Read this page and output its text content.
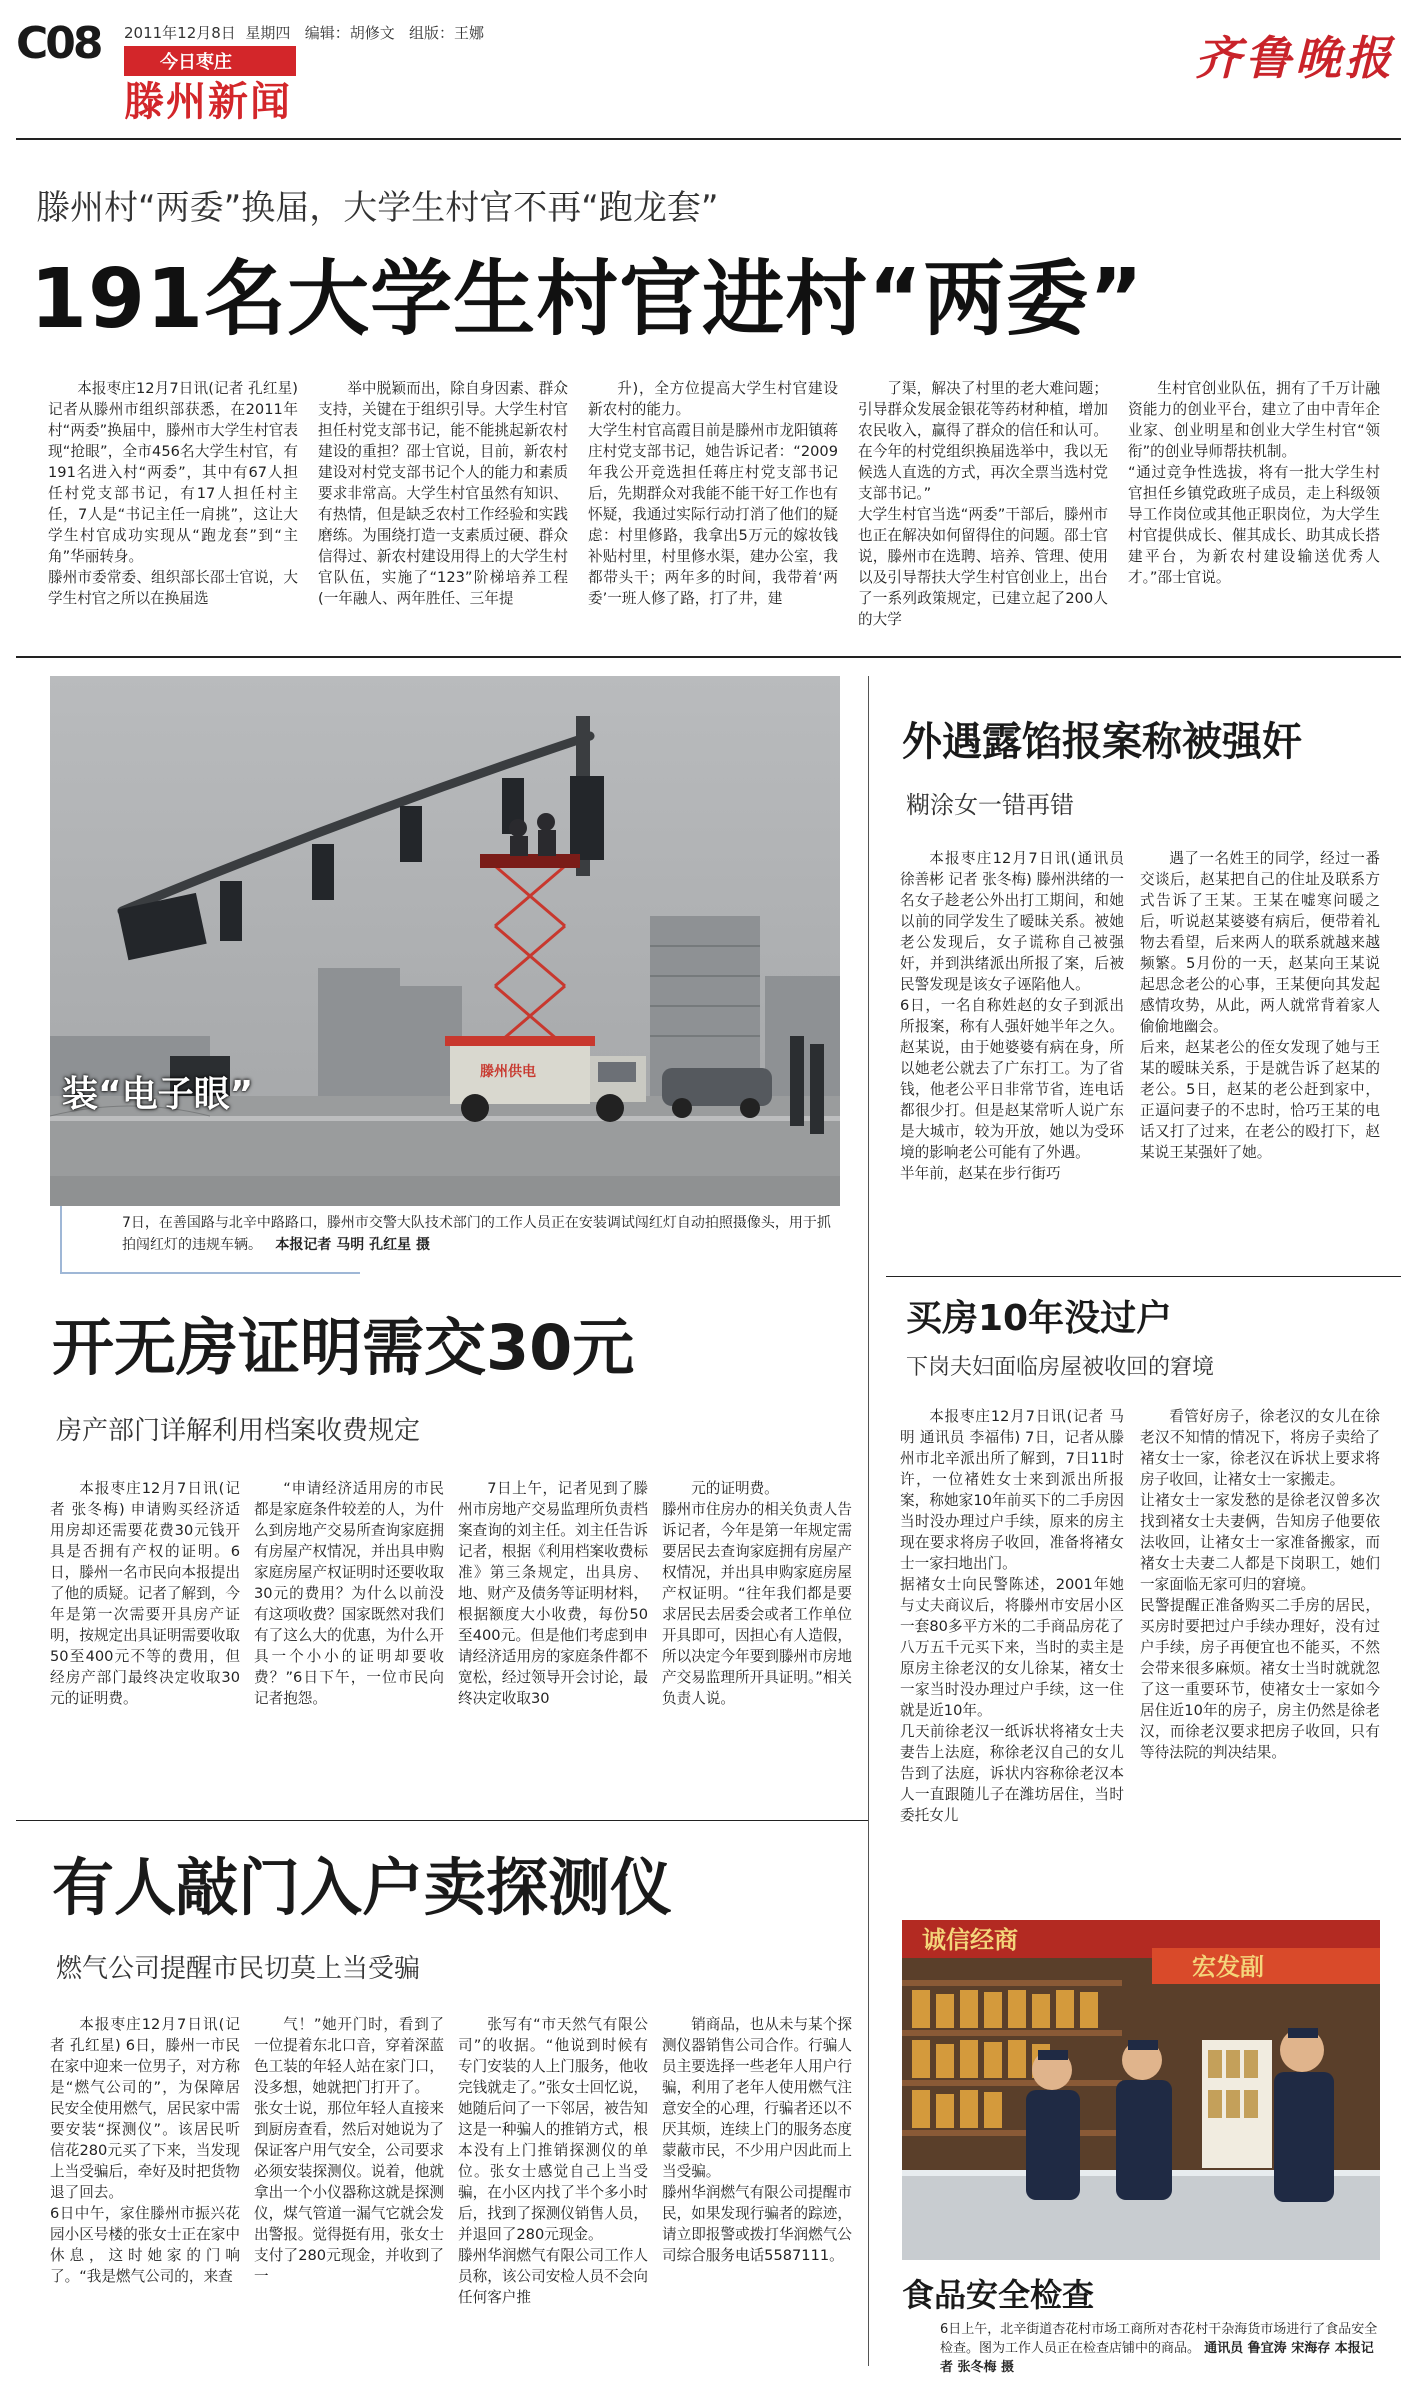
C08 2011年12月8日 星期四 编辑：胡修文 组版：王娜
今日枣庄
滕州新闻
齐鲁晚报
滕州村“两委”换届，大学生村官不再“跑龙套”
191名大学生村官进村“两委”

本报枣庄12月7日讯(记者 孔红星) 记者从滕州市组织部获悉，在2011年村“两委”换届中，滕州市大学生村官表现“抢眼”，全市456名大学生村官，有191名进入村“两委”，其中有67人担任村党支部书记，有17人担任村主任，7人是“书记主任一肩挑”，这让大学生村官成功实现从“跑龙套”到“主角”华丽转身。
滕州市委常委、组织部长邵士官说，大学生村官之所以在换届选

举中脱颖而出，除自身因素、群众支持，关键在于组织引导。大学生村官担任村党支部书记，能不能挑起新农村建设的重担？邵士官说，目前，新农村建设对村党支部书记个人的能力和素质要求非常高。大学生村官虽然有知识、有热情，但是缺乏农村工作经验和实践磨练。为围绕打造一支素质过硬、群众信得过、新农村建设用得上的大学生村官队伍，实施了“123”阶梯培养工程(一年融人、两年胜任、三年提

升)，全方位提高大学生村官建设新农村的能力。
大学生村官高霞目前是滕州市龙阳镇蒋庄村党支部书记，她告诉记者：“2009年我公开竞选担任蒋庄村党支部书记后，先期群众对我能不能干好工作也有怀疑，我通过实际行动打消了他们的疑虑：村里修路，我拿出5万元的嫁妆钱补贴村里，村里修水渠，建办公室，我都带头干；两年多的时间，我带着‘两委’一班人修了路，打了井，建

了渠，解决了村里的老大难问题；引导群众发展金银花等药材种植，增加农民收入，赢得了群众的信任和认可。在今年的村党组织换届选举中，我以无候选人直选的方式，再次全票当选村党支部书记。”
大学生村官当选“两委”干部后，滕州市也正在解决如何留得住的问题。邵士官说，滕州市在选聘、培养、管理、使用以及引导帮扶大学生村官创业上，出台了一系列政策规定，已建立起了200人的大学

生村官创业队伍，拥有了千万计融资能力的创业平台，建立了由中青年企业家、创业明星和创业大学生村官“领衔”的创业导师帮扶机制。
“通过竞争性选拔，将有一批大学生村官担任乡镇党政班子成员，走上科级领导工作岗位或其他正职岗位，为大学生村官提供成长、催其成长、助其成长搭建平台，为新农村建设输送优秀人才。”邵士官说。

滕州供电
装“电子眼”
7日，在善国路与北辛中路路口，滕州市交警大队技术部门的工作人员正在安装调试闯红灯自动拍照摄像头，用于抓拍闯红灯的违规车辆。 本报记者 马明 孔红星 摄
外遇露馅报案称被强奸
糊涂女一错再错

本报枣庄12月7日讯(通讯员 徐善彬 记者 张冬梅) 滕州洪绪的一名女子趁老公外出打工期间，和她以前的同学发生了暧昧关系。被她老公发现后，女子谎称自己被强奸，并到洪绪派出所报了案，后被民警发现是该女子诬陷他人。
6日，一名自称姓赵的女子到派出所报案，称有人强奸她半年之久。赵某说，由于她婆婆有病在身，所以她老公就去了广东打工。为了省钱，他老公平日非常节省，连电话都很少打。但是赵某常听人说广东是大城市，较为开放，她以为受环境的影响老公可能有了外遇。
半年前，赵某在步行街巧

遇了一名姓王的同学，经过一番交谈后，赵某把自己的住址及联系方式告诉了王某。王某在嘘寒问暖之后，听说赵某婆婆有病后，便带着礼物去看望，后来两人的联系就越来越频繁。5月份的一天，赵某向王某说起思念老公的心事，王某便向其发起感情攻势，从此，两人就常背着家人偷偷地幽会。
后来，赵某老公的侄女发现了她与王某的暧昧关系，于是就告诉了赵某的老公。5日，赵某的老公赶到家中，正逼问妻子的不忠时，恰巧王某的电话又打了过来，在老公的殴打下，赵某说王某强奸了她。

开无房证明需交30元
房产部门详解利用档案收费规定

本报枣庄12月7日讯(记者 张冬梅) 申请购买经济适用房却还需要花费30元钱开具是否拥有产权的证明。6日，滕州一名市民向本报提出了他的质疑。记者了解到，今年是第一次需要开具房产证明，按规定出具证明需要收取50至400元不等的费用，但经房产部门最终决定收取30元的证明费。

“申请经济适用房的市民都是家庭条件较差的人，为什么到房地产交易所查询家庭拥有房屋产权情况，并出具申购家庭房屋产权证明时还要收取30元的费用？为什么以前没有这项收费？国家既然对我们有了这么大的优惠，为什么开具一个小小的证明却要收费？”6日下午，一位市民向记者抱怨。

7日上午，记者见到了滕州市房地产交易监理所负责档案查询的刘主任。刘主任告诉记者，根据《利用档案收费标准》第三条规定，出具房、地、财产及债务等证明材料，根据额度大小收费，每份50至400元。但是他们考虑到申请经济适用房的家庭条件都不宽松，经过领导开会讨论，最终决定收取30

元的证明费。
滕州市住房办的相关负责人告诉记者，今年是第一年规定需要居民去查询家庭拥有房屋产权情况，并出具申购家庭房屋产权证明。“往年我们都是要求居民去居委会或者工作单位开具即可，因担心有人造假，所以决定今年要到滕州市房地产交易监理所开具证明。”相关负责人说。

买房10年没过户
下岗夫妇面临房屋被收回的窘境

本报枣庄12月7日讯(记者 马明 通讯员 李福伟) 7日，记者从滕州市北辛派出所了解到，7日11时许，一位褚姓女士来到派出所报案，称她家10年前买下的二手房因当时没办理过户手续，原来的房主现在要求将房子收回，准备将褚女士一家扫地出门。
据褚女士向民警陈述，2001年她与丈夫商议后，将滕州市安居小区一套80多平方米的二手商品房花了八万五千元买下来，当时的卖主是原房主徐老汉的女儿徐某，褚女士一家当时没办理过户手续，这一住就是近10年。
几天前徐老汉一纸诉状将褚女士夫妻告上法庭，称徐老汉自己的女儿告到了法庭，诉状内容称徐老汉本人一直跟随儿子在潍坊居住，当时委托女儿

看管好房子，徐老汉的女儿在徐老汉不知情的情况下，将房子卖给了褚女士一家，徐老汉在诉状上要求将房子收回，让褚女士一家搬走。
让褚女士一家发愁的是徐老汉曾多次找到褚女士夫妻俩，告知房子他要依法收回，让褚女士一家准备搬家，而褚女士夫妻二人都是下岗职工，她们一家面临无家可归的窘境。
民警提醒正准备购买二手房的居民，买房时要把过户手续办理好，没有过户手续，房子再便宜也不能买，不然会带来很多麻烦。褚女士当时就就忽了这一重要环节，使褚女士一家如今居住近10年的房子，房主仍然是徐老汉，而徐老汉要求把房子收回，只有等待法院的判决结果。

有人敲门入户卖探测仪
燃气公司提醒市民切莫上当受骗

本报枣庄12月7日讯(记者 孔红星) 6日，滕州一市民在家中迎来一位男子，对方称是“燃气公司的”，为保障居民安全使用燃气，居民家中需要安装“探测仪”。该居民听信花280元买了下来，当发现上当受骗后，牵好及时把货物退了回去。
6日中午，家住滕州市振兴花园小区号楼的张女士正在家中休息，这时她家的门响了。“我是燃气公司的，来查

气！”她开门时，看到了一位提着东北口音，穿着深蓝色工装的年轻人站在家门口，没多想，她就把门打开了。
张女士说，那位年轻人直接来到厨房查看，然后对她说为了保证客户用气安全，公司要求必须安装探测仪。说着，他就拿出一个小仪器称这就是探测仪，煤气管道一漏气它就会发出警报。觉得挺有用，张女士支付了280元现金，并收到了一

张写有“市天然气有限公司”的收据。“他说到时候有专门安装的人上门服务，他收完钱就走了。”张女士回忆说，她随后问了一下邻居，被告知这是一种骗人的推销方式，根本没有上门推销探测仪的单位。张女士感觉自己上当受骗，在小区内找了半个多小时后，找到了探测仪销售人员，并退回了280元现金。
滕州华润燃气有限公司工作人员称，该公司安检人员不会向任何客户推

销商品，也从未与某个探测仪器销售公司合作。行骗人员主要选择一些老年人用户行骗，利用了老年人使用燃气注意安全的心理，行骗者还以不厌其烦，连续上门的服务态度蒙蔽市民，不少用户因此而上当受骗。
滕州华润燃气有限公司提醒市民，如果发现行骗者的踪迹，请立即报警或拨打华润燃气公司综合服务电话5587111。

诚信经商
宏发副
食品安全检查
6日上午，北辛街道杏花村市场工商所对杏花村干杂海货市场进行了食品安全检查。图为工作人员正在检查店铺中的商品。 通讯员 鲁宜涛 宋海存 本报记者 张冬梅 摄
